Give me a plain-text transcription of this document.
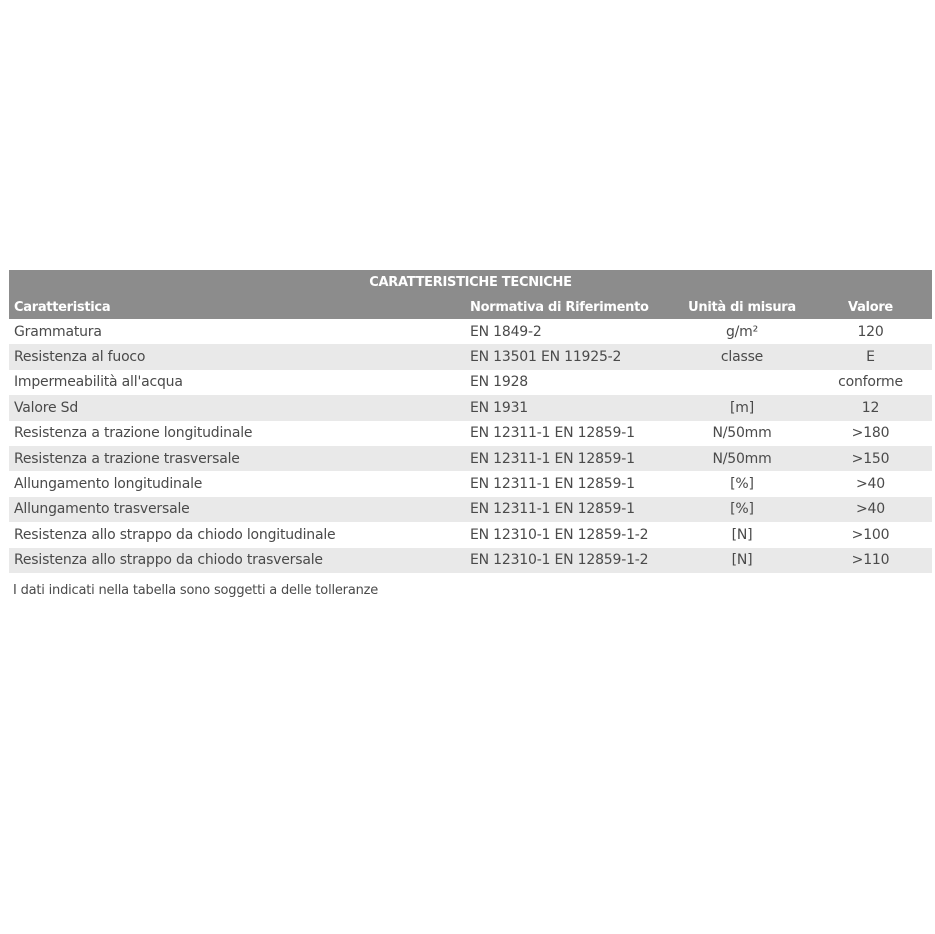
CARATTERISTICHE TECNICHE			
Caratteristica	Normativa di Riferimento	Unità di misura	Valore
Grammatura	EN 1849-2	g/m²	120
Resistenza al fuoco	EN 13501 EN 11925-2	classe	E
Impermeabilità all'acqua	EN 1928		conforme
Valore Sd	EN 1931	[m]	12
Resistenza a trazione longitudinale	EN 12311-1 EN 12859-1	N/50mm	>180
Resistenza a trazione trasversale	EN 12311-1 EN 12859-1	N/50mm	>150
Allungamento longitudinale	EN 12311-1 EN 12859-1	[%]	>40
Allungamento trasversale	EN 12311-1 EN 12859-1	[%]	>40
Resistenza allo strappo da chiodo longitudinale	EN 12310-1 EN 12859-1-2	[N]	>100
Resistenza allo strappo da chiodo trasversale	EN 12310-1 EN 12859-1-2	[N]	>110
I dati indicati nella tabella sono soggetti a delle tolleranze
